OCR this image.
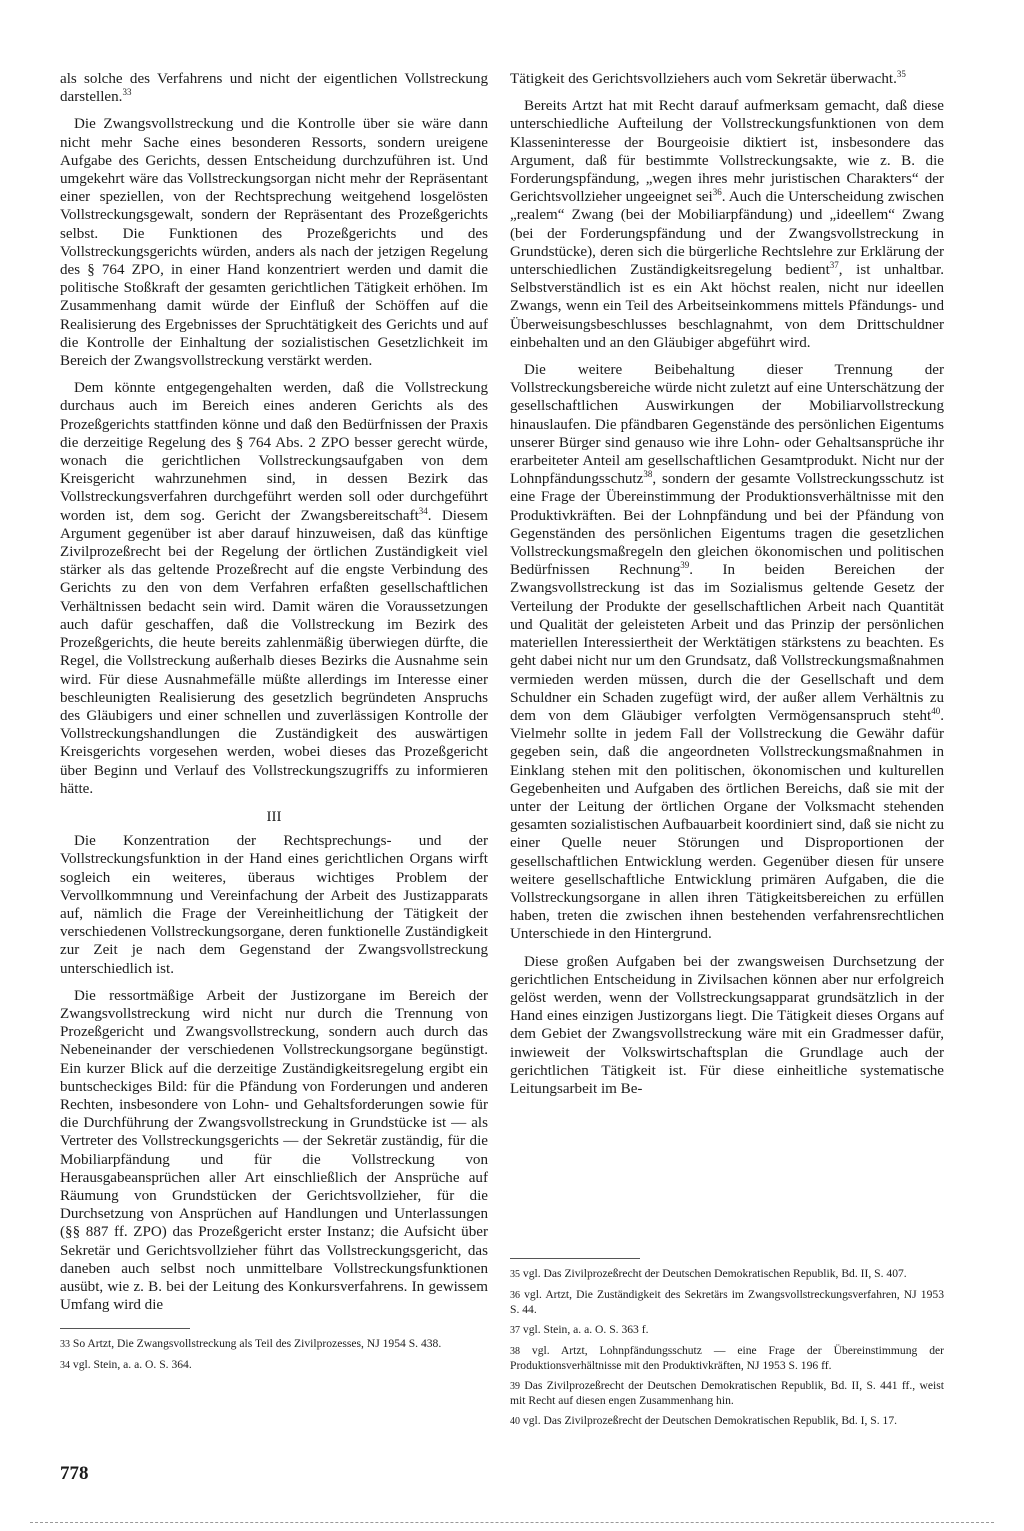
als solche des Verfahrens und nicht der eigentlichen Vollstreckung darstellen.$^{33}$

Die Zwangsvollstreckung und die Kontrolle über sie wäre dann nicht mehr Sache eines besonderen Ressorts, sondern ureigene Aufgabe des Gerichts, dessen Entscheidung durchzuführen ist. Und umgekehrt wäre das Vollstreckungsorgan nicht mehr der Repräsentant einer speziellen, von der Rechtsprechung weitgehend losgelösten Vollstreckungsgewalt, sondern der Repräsentant des Prozeßgerichts selbst. Die Funktionen des Prozeßgerichts und des Vollstreckungsgerichts würden, anders als nach der jetzigen Regelung des § 764 ZPO, in einer Hand konzentriert werden und damit die politische Stoßkraft der gesamten gerichtlichen Tätigkeit erhöhen. Im Zusammenhang damit würde der Einfluß der Schöffen auf die Realisierung des Ergebnisses der Spruchtätigkeit des Gerichts und auf die Kontrolle der Einhaltung der sozialistischen Gesetzlichkeit im Bereich der Zwangsvollstreckung verstärkt werden.

Dem könnte entgegengehalten werden, daß die Vollstreckung durchaus auch im Bereich eines anderen Gerichts als des Prozeßgerichts stattfinden könne und daß den Bedürfnissen der Praxis die derzeitige Regelung des § 764 Abs. 2 ZPO besser gerecht würde, wonach die gerichtlichen Vollstreckungsaufgaben von dem Kreisgericht wahrzunehmen sind, in dessen Bezirk das Vollstreckungsverfahren durchgeführt werden soll oder durchgeführt worden ist, dem sog. Gericht der Zwangsbereitschaft$^{34}$. Diesem Argument gegenüber ist aber darauf hinzuweisen, daß das künftige Zivilprozeßrecht bei der Regelung der örtlichen Zuständigkeit viel stärker als das geltende Prozeßrecht auf die engste Verbindung des Gerichts zu den von dem Verfahren erfaßten gesellschaftlichen Verhältnissen bedacht sein wird. Damit wären die Voraussetzungen auch dafür geschaffen, daß die Vollstreckung im Bezirk des Prozeßgerichts, die heute bereits zahlenmäßig überwiegen dürfte, die Regel, die Vollstreckung außerhalb dieses Bezirks die Ausnahme sein wird. Für diese Ausnahmefälle müßte allerdings im Interesse einer beschleunigten Realisierung des gesetzlich begründeten Anspruchs des Gläubigers und einer schnellen und zuverlässigen Kontrolle der Vollstreckungshandlungen die Zuständigkeit des auswärtigen Kreisgerichts vorgesehen werden, wobei dieses das Prozeßgericht über Beginn und Verlauf des Vollstreckungszugriffs zu informieren hätte.

III

Die Konzentration der Rechtsprechungs- und der Vollstreckungsfunktion in der Hand eines gerichtlichen Organs wirft sogleich ein weiteres, überaus wichtiges Problem der Vervollkommnung und Vereinfachung der Arbeit des Justizapparats auf, nämlich die Frage der Vereinheitlichung der Tätigkeit der verschiedenen Vollstreckungsorgane, deren funktionelle Zuständigkeit zur Zeit je nach dem Gegenstand der Zwangsvollstreckung unterschiedlich ist.

Die ressortmäßige Arbeit der Justizorgane im Bereich der Zwangsvollstreckung wird nicht nur durch die Trennung von Prozeßgericht und Zwangsvollstreckung, sondern auch durch das Nebeneinander der verschiedenen Vollstreckungsorgane begünstigt. Ein kurzer Blick auf die derzeitige Zuständigkeitsregelung ergibt ein buntscheckiges Bild: für die Pfändung von Forderungen und anderen Rechten, insbesondere von Lohn- und Gehaltsforderungen sowie für die Durchführung der Zwangsvollstreckung in Grundstücke ist — als Vertreter des Vollstreckungsgerichts — der Sekretär zuständig, für die Mobiliarpfändung und für die Vollstreckung von Herausgabeansprüchen aller Art einschließlich der Ansprüche auf Räumung von Grundstücken der Gerichtsvollzieher, für die Durchsetzung von Ansprüchen auf Handlungen und Unterlassungen (§§ 887 ff. ZPO) das Prozeßgericht erster Instanz; die Aufsicht über Sekretär und Gerichtsvollzieher führt das Vollstreckungsgericht, das daneben auch selbst noch unmittelbare Vollstreckungsfunktionen ausübt, wie z. B. bei der Leitung des Konkursverfahrens. In gewissem Umfang wird die

33 So Artzt, Die Zwangsvollstreckung als Teil des Zivilprozesses, NJ 1954 S. 438.
34 vgl. Stein, a. a. O. S. 364.

Tätigkeit des Gerichtsvollziehers auch vom Sekretär überwacht.$^{35}$

Bereits Artzt hat mit Recht darauf aufmerksam gemacht, daß diese unterschiedliche Aufteilung der Vollstreckungsfunktionen von dem Klasseninteresse der Bourgeoisie diktiert ist, insbesondere das Argument, daß für bestimmte Vollstreckungsakte, wie z. B. die Forderungspfändung, „wegen ihres mehr juristischen Charakters“ der Gerichtsvollzieher ungeeignet sei$^{36}$. Auch die Unterscheidung zwischen „realem“ Zwang (bei der Mobiliarpfändung) und „ideellem“ Zwang (bei der Forderungspfändung und der Zwangsvollstreckung in Grundstücke), deren sich die bürgerliche Rechtslehre zur Erklärung der unterschiedlichen Zuständigkeitsregelung bedient$^{37}$, ist unhaltbar. Selbstverständlich ist es ein Akt höchst realen, nicht nur ideellen Zwangs, wenn ein Teil des Arbeitseinkommens mittels Pfändungs- und Überweisungsbeschlusses beschlagnahmt, von dem Drittschuldner einbehalten und an den Gläubiger abgeführt wird.

Die weitere Beibehaltung dieser Trennung der Vollstreckungsbereiche würde nicht zuletzt auf eine Unterschätzung der gesellschaftlichen Auswirkungen der Mobiliarvollstreckung hinauslaufen. Die pfändbaren Gegenstände des persönlichen Eigentums unserer Bürger sind genauso wie ihre Lohn- oder Gehaltsansprüche ihr erarbeiteter Anteil am gesellschaftlichen Gesamtprodukt. Nicht nur der Lohnpfändungsschutz$^{38}$, sondern der gesamte Vollstreckungsschutz ist eine Frage der Übereinstimmung der Produktionsverhältnisse mit den Produktivkräften. Bei der Lohnpfändung und bei der Pfändung von Gegenständen des persönlichen Eigentums tragen die gesetzlichen Vollstreckungsmaßregeln den gleichen ökonomischen und politischen Bedürfnissen Rechnung$^{39}$. In beiden Bereichen der Zwangsvollstreckung ist das im Sozialismus geltende Gesetz der Verteilung der Produkte der gesellschaftlichen Arbeit nach Quantität und Qualität der geleisteten Arbeit und das Prinzip der persönlichen materiellen Interessiertheit der Werktätigen stärkstens zu beachten. Es geht dabei nicht nur um den Grundsatz, daß Vollstreckungsmaßnahmen vermieden werden müssen, durch die der Gesellschaft und dem Schuldner ein Schaden zugefügt wird, der außer allem Verhältnis zu dem von dem Gläubiger verfolgten Vermögensanspruch steht$^{40}$. Vielmehr sollte in jedem Fall der Vollstreckung die Gewähr dafür gegeben sein, daß die angeordneten Vollstreckungsmaßnahmen in Einklang stehen mit den politischen, ökonomischen und kulturellen Gegebenheiten und Aufgaben des örtlichen Bereichs, daß sie mit der unter der Leitung der örtlichen Organe der Volksmacht stehenden gesamten sozialistischen Aufbauarbeit koordiniert sind, daß sie nicht zu einer Quelle neuer Störungen und Disproportionen der gesellschaftlichen Entwicklung werden. Gegenüber diesen für unsere weitere gesellschaftliche Entwicklung primären Aufgaben, die die Vollstreckungsorgane in allen ihren Tätigkeitsbereichen zu erfüllen haben, treten die zwischen ihnen bestehenden verfahrensrechtlichen Unterschiede in den Hintergrund.

Diese großen Aufgaben bei der zwangsweisen Durchsetzung der gerichtlichen Entscheidung in Zivilsachen können aber nur erfolgreich gelöst werden, wenn der Vollstreckungsapparat grundsätzlich in der Hand eines einzigen Justizorgans liegt. Die Tätigkeit dieses Organs auf dem Gebiet der Zwangsvollstreckung wäre mit ein Gradmesser dafür, inwieweit der Volkswirtschaftsplan die Grundlage auch der gerichtlichen Tätigkeit ist. Für diese einheitliche systematische Leitungsarbeit im Be-

35 vgl. Das Zivilprozeßrecht der Deutschen Demokratischen Republik, Bd. II, S. 407.
36 vgl. Artzt, Die Zuständigkeit des Sekretärs im Zwangsvollstreckungsverfahren, NJ 1953 S. 44.
37 vgl. Stein, a. a. O. S. 363 f.
38 vgl. Artzt, Lohnpfändungsschutz — eine Frage der Übereinstimmung der Produktionsverhältnisse mit den Produktivkräften, NJ 1953 S. 196 ff.
39 Das Zivilprozeßrecht der Deutschen Demokratischen Republik, Bd. II, S. 441 ff., weist mit Recht auf diesen engen Zusammenhang hin.
40 vgl. Das Zivilprozeßrecht der Deutschen Demokratischen Republik, Bd. I, S. 17.
778
